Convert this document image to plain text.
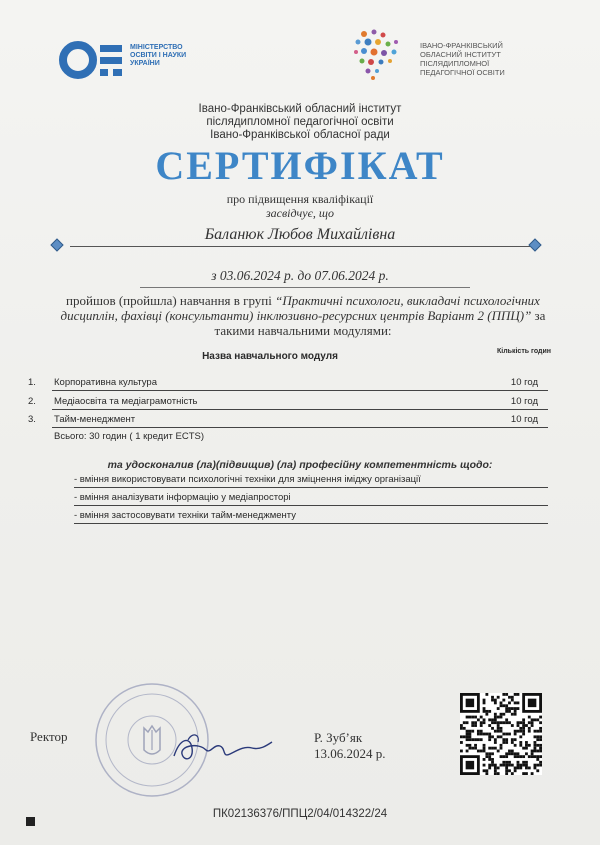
МІНІСТЕРСТВО
ОСВІТИ І НАУКИ
УКРАЇНИ
ІВАНО-ФРАНКІВСЬКИЙ
ОБЛАСНИЙ ІНСТИТУТ
ПІСЛЯДИПЛОМНОЇ
ПЕДАГОГІЧНОЇ ОСВІТИ
Івано-Франківський обласний інститут
післядипломної педагогічної освіти
Івано-Франківської обласної ради
СЕРТИФІКАТ
про підвищення кваліфікації
засвідчує, що
Баланюк Любов Михайлівна
з 03.06.2024 р. до 07.06.2024 р.
пройшов (пройшла) навчання в групі “Практичні психологи, викладачі психологічних дисциплін, фахівці (консультанти) інклюзивно-ресурсних центрів Варіант 2 (ППЦ)” за такими навчальними модулями:
Назва навчального модуля	Кількість годин
1. Корпоративна культура	10 год
2. Медіаосвіта та медіаграмотність	10 год
3. Тайм-менеджмент	10 год
Всього: 30 годин ( 1 кредит ECTS)
та удосконалив (ла)(підвищив) (ла) професійну компетентність щодо:
- вміння використовувати психологічні техніки для зміцнення іміджу організації
- вміння аналізувати інформацію у медіапросторі
- вміння застосовувати техніки тайм-менеджменту
Ректор	Р. Зуб’як
13.06.2024 р.
ПК02136376/ППЦ2/04/014322/24
